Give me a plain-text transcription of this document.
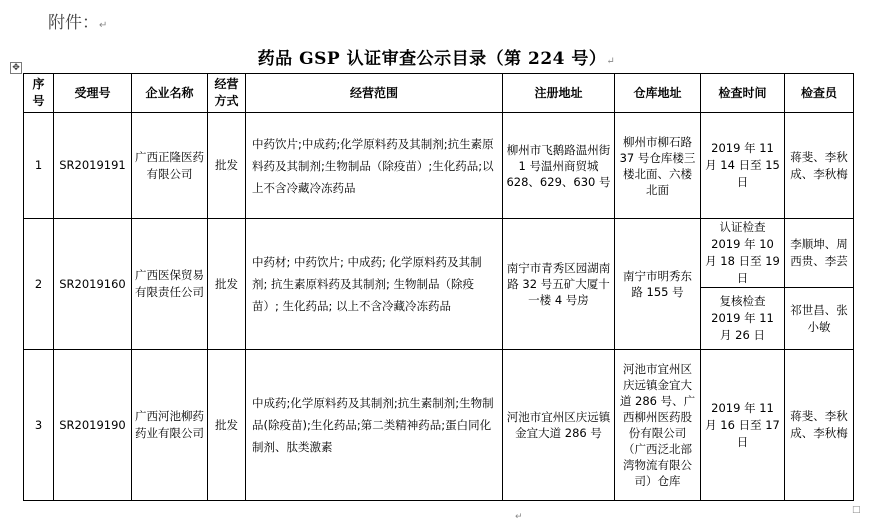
附件：↵
药品 GSP 认证审查公示目录（第 224 号）↵
✥
序号	受理号	企业名称	经营方式	经营范围	注册地址	仓库地址	检查时间	检查员
1	SR2019191	广西正隆医药有限公司	批发	中药饮片;中成药;化学原料药及其制剂;抗生素原料药及其制剂;生物制品（除疫苗）;生化药品;以上不含冷藏冷冻药品	柳州市飞鹅路温州街 1 号温州商贸城 628、629、630 号	柳州市柳石路 37 号仓库楼三楼北面、六楼北面	2019 年 11 月 14 日至 15 日	蒋斐、李秋成、李秋梅
2	SR2019160	广西医保贸易有限责任公司	批发	中药材; 中药饮片; 中成药; 化学原料药及其制剂; 抗生素原料药及其制剂; 生物制品（除疫苗）; 生化药品; 以上不含冷藏冷冻药品	南宁市青秀区园湖南路 32 号五矿大厦十一楼 4 号房	南宁市明秀东路 155 号	认证检查 2019 年 10 月 18 日至 19 日	李顺坤、周西贵、李芸
							复核检查 2019 年 11 月 26 日	祁世昌、张小敏
3	SR2019190	广西河池柳药药业有限公司	批发	中成药;化学原料药及其制剂;抗生素制剂;生物制品(除疫苗);生化药品;第二类精神药品;蛋白同化制剂、肽类激素	河池市宜州区庆远镇金宜大道 286 号	河池市宜州区庆远镇金宜大道 286 号、广西柳州医药股份有限公司（广西泛北部湾物流有限公司）仓库	2019 年 11 月 16 日至 17 日	蒋斐、李秋成、李秋梅
□
↵
